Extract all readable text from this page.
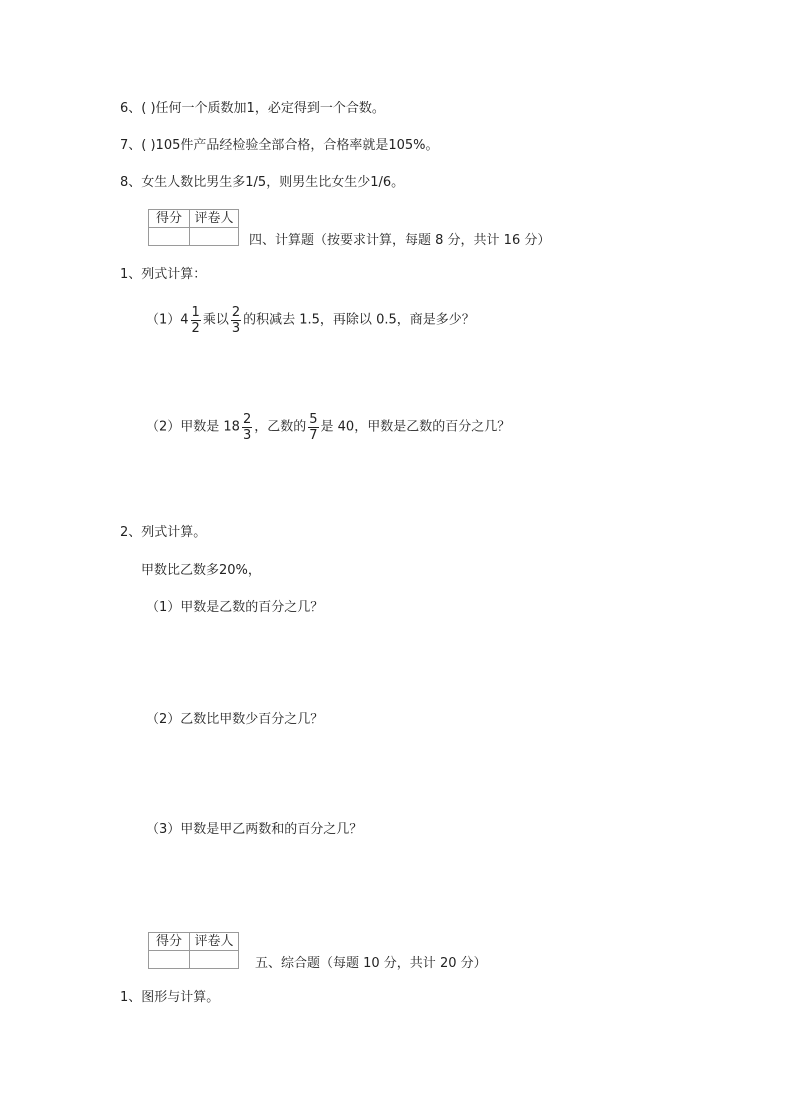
6、( )任何一个质数加1，必定得到一个合数。
7、( )105件产品经检验全部合格，合格率就是105%。
8、女生人数比男生多1/5，则男生比女生少1/6。
得分	评卷人

四、计算题（按要求计算，每题 8 分，共计 16 分）
1、列式计算：
$(1)4 \frac{1}{2}$ 乘以 $\frac{2}{3}$ 的积减去 1.5，再除以 0.5，商是多少？
（2）甲数是 $18 \frac{2}{3}$ ，乙数的 $\frac{5}{7}$ 是 40，甲数是乙数的百分之几？
2、列式计算。
甲数比乙数多20%，
（1）甲数是乙数的百分之几？
（2）乙数比甲数少百分之几？
（3）甲数是甲乙两数和的百分之几？
得分	评卷人

五、综合题（每题 10 分，共计 20 分）
1、图形与计算。
